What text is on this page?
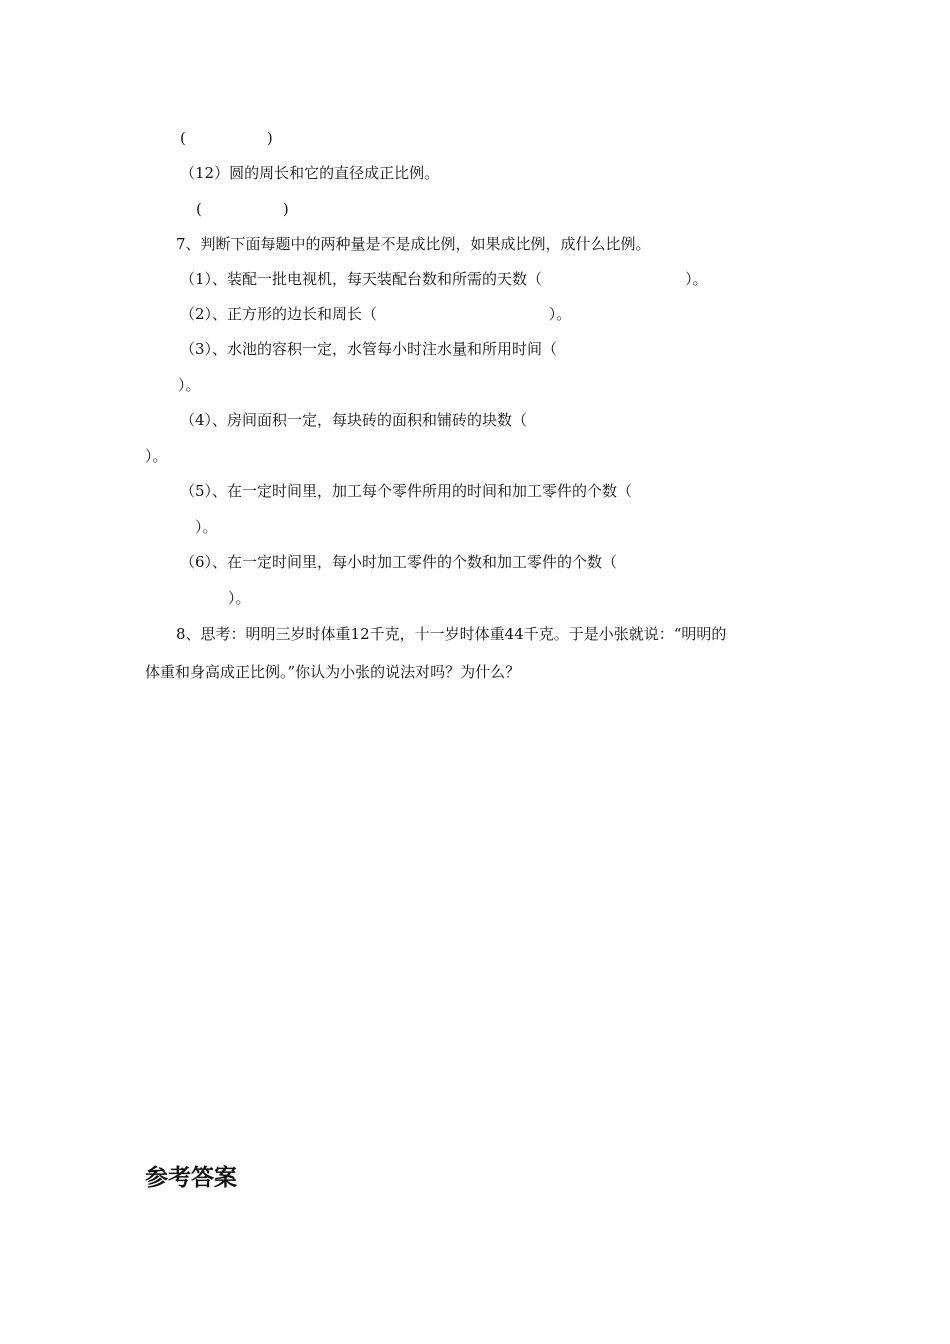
(                 )
（12）圆的周长和它的直径成正比例。
(                 )
7、判断下面每题中的两种量是不是成比例，如果成比例，成什么比例。
（1）、装配一批电视机，每天装配台数和所需的天数（                              ）。
（2）、正方形的边长和周长（                                    ）。
（3）、水池的容积一定，水管每小时注水量和所用时间（
）。
（4）、房间面积一定，每块砖的面积和铺砖的块数（
）。
（5）、在一定时间里，加工每个零件所用的时间和加工零件的个数（
）。
（6）、在一定时间里，每小时加工零件的个数和加工零件的个数（
）。
8、思考：明明三岁时体重12千克，十一岁时体重44千克。于是小张就说：“明明的
体重和身高成正比例。”你认为小张的说法对吗？为什么？
参考答案
